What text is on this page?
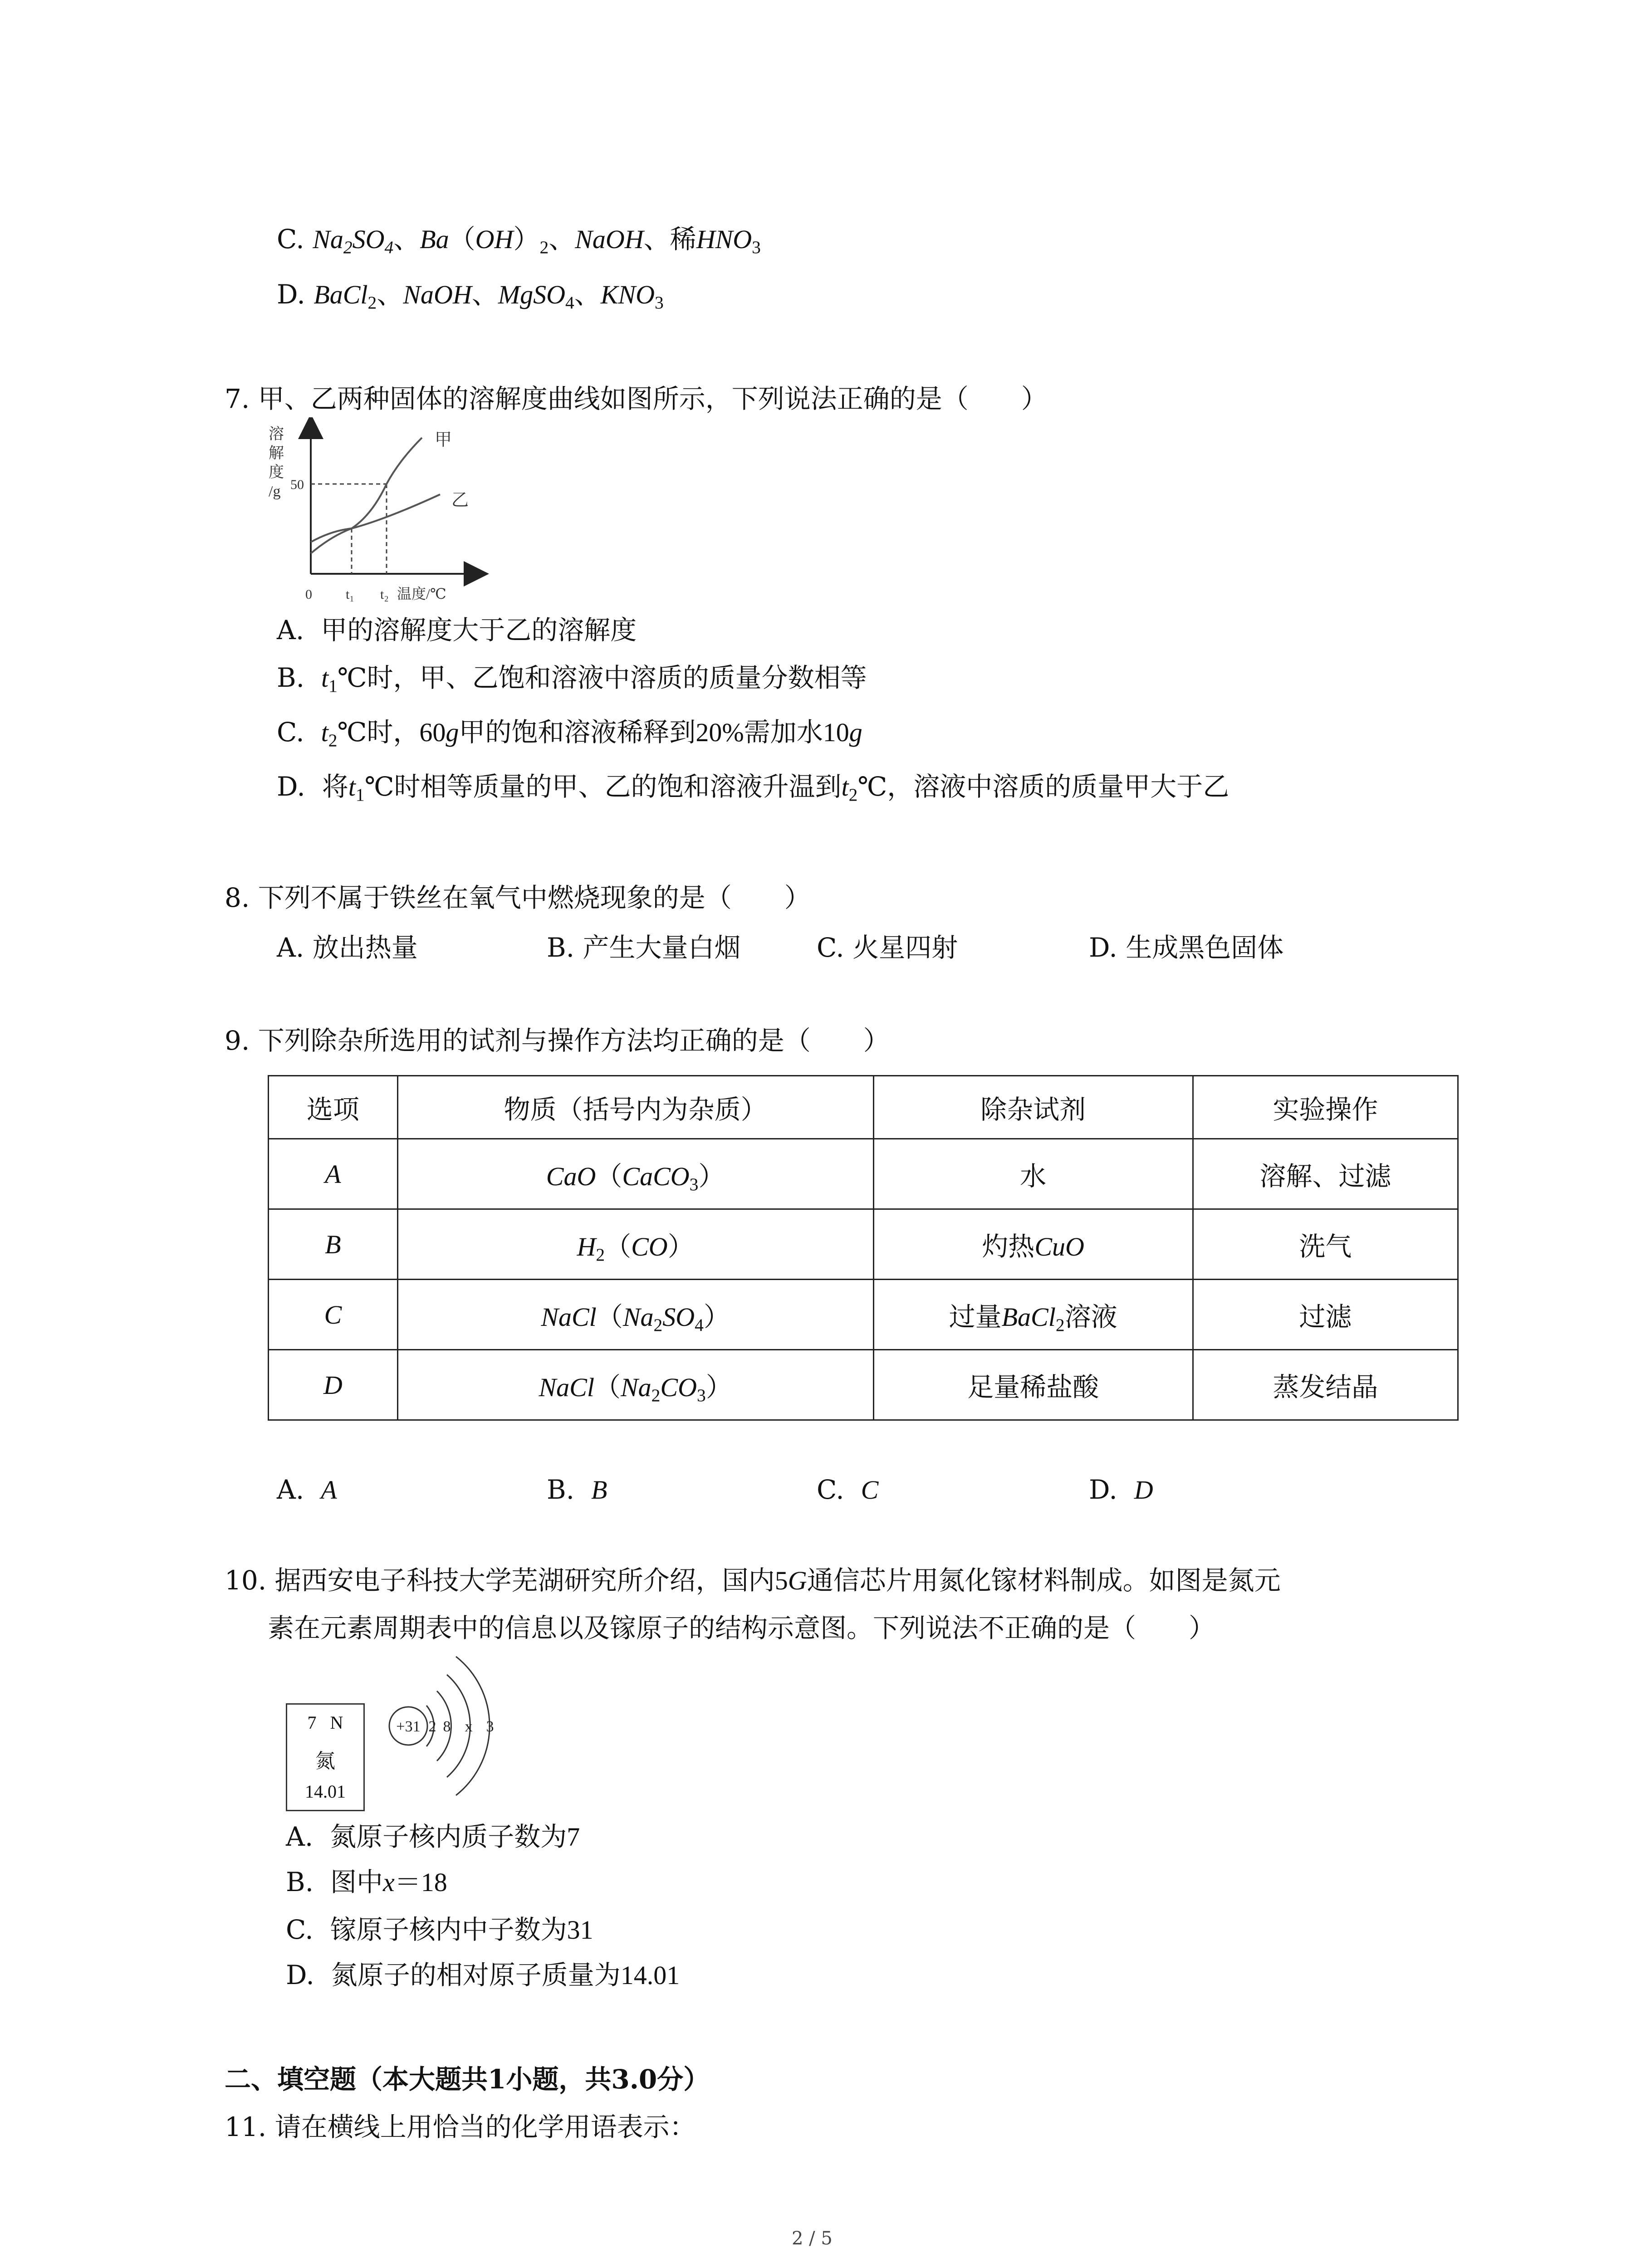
C. $Na_2SO_4$、$Ba(OH)_2$、NaOH、稀$HNO_3$
D. BaCl$_2$、NaOH、MgSO$_4$、$KNO_3$
7. 甲、乙两种固体的溶解度曲线如图所示，下列说法正确的是（　　）
溶
解
度
/g 50
0 t₁ t₂ 温度/℃
甲
乙
A. 甲的溶解度大于乙的溶解度
B. $t_1℃$时，甲、乙饱和溶液中溶质的质量分数相等
C. $t_2℃$时，60g甲的饱和溶液稀释到20%需加水10g
D. 将$t_1℃$时相等质量的甲、乙的饱和溶液升温到$t_2℃$，溶液中溶质的质量甲大于乙
8. 下列不属于铁丝在氧气中燃烧现象的是（　　）
A. 放出热量	B. 产生大量白烟	C. 火星四射	D. 生成黑色固体
9. 下列除杂所选用的试剂与操作方法均正确的是（　　）
选项	物质（括号内为杂质）	除杂试剂	实验操作
A	CaO（CaCO$_3$）	水	溶解、过滤
B	$H_2(CO)$	灼热CuO	洗气
C	$NaCl(Na_2SO_4)$	过量BaCl$_2$溶液	过滤
D	$NaCl(Na_2CO_3)$	足量稀盐酸	蒸发结晶
A. A	B. B	C. C	D. D
10. 据西安电子科技大学芜湖研究所介绍，国内5G通信芯片用氮化镓材料制成。如图是氮元
素在元素周期表中的信息以及镓原子的结构示意图。下列说法不正确的是（　　）
7 N
氮
14.01
+31 2 8 x 3
A. 氮原子核内质子数为7
B. 图中x＝18
C. 镓原子核内中子数为31
D. 氮原子的相对原子质量为14.01
二、填空题（本大题共1小题，共3.0分）
11. 请在横线上用恰当的化学用语表示：
2 / 5
